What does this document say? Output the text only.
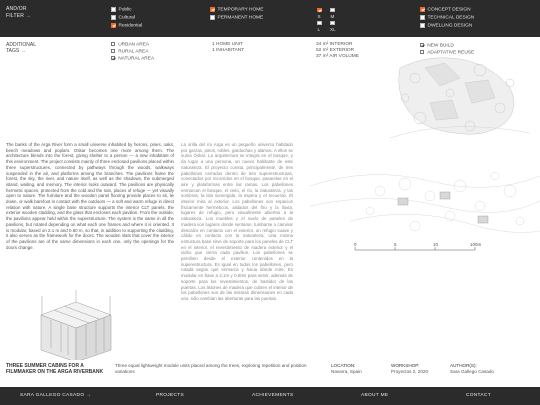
AND/OR
FILTER →
Public
Cultural
Residential
TEMPORARY HOME
PERMANENT HOME	S M
L XL
CONCEPT DESIGN
TECHNICAL DESIGN
DWELLING DESIGN
ADDITIONAL
TAGS →
URBAN AREA
RURAL AREA
NATURAL AREA
1 HOME UNIT
1 INHABITANT
34 m² INTERIOR
52 m² EXTERIOR
37 m³ AIR VOLUME
NEW BUILD
ADAPTATIVE REUSE
0	5	10	100m
The banks of the Arga River form a small universe inhabited by herons, pines, oaks, beech meadows and poplars. Oskar becomes one more among them. The architecture blends into the forest, giving shelter to a person — a new inhabitant of this environment. The project consists mainly of three enclosed pavilions placed within three superstructures, connected by pathways through the woods, walkways suspended in the air, and platforms among the branches. The pavilions frame the forest, the sky, the river, and nature itself, as well as the shadows, the submerged island, waiting, and memory. The interior looks outward. The pavilions are physically hermetic spaces, protected from the cold and the rain, places of refuge — yet visually open to nature. The furniture and the wooden panel flooring provide places to sit, lie down, or walk barefoot in contact with the outdoors — a soft and warm refuge in direct relation with nature. A single base structure supports the interior CLT panels, the exterior wooden cladding, and the glass that encloses each pavilion. From the outside, the pavilions appear held within the superstructure. The system is the same in all the pavilions, but rotated depending on what each one frames and where it is oriented. It is modular, based on 2.1 m and 0.60 m, so that, in addition to supporting the cladding, it also serves as the framework for the doors. The wooden slats that cover the interior of the pavilions are of the same dimensions in each one, only the openings for the doors change.
La orilla del río Arga es un pequeño universo habitado por garzas, pinos, robles, garduchas y alamos. A ellos se suma Óskar. La arquitectura se integra en el bosque, y da lugar a una persona, un nuevo habitante de este naturaleza. El proyecto consta, principalmente, de tres pabellones cerrados dentro de tres superestructuras, conectados por recorridos en el bosque, pasarelas en el aire y plataformas entre las ramas. Los pabellones enmarcan el bosque, el cielo, el río, la naturaleza, y las sombras, la isla sumergida, la espera y el recuerdo. El interior mira al exterior. Los pabellones son espacios físicamente herméticos, aislados del frío y la lluvia, lugares de refugio, pero visualmente abiertos a la naturaleza. Los muebles y el suelo de paneles de madera son lugares donde sentarse, tumbarse o caminar descalzo en contacto con el exterior, un refugio suave y cálido en contacto con la naturaleza. Una misma estructura base sirve de soporte para los paneles de CLT en el interior, el revestimiento de madera exterior y el vidrio que cierra cada pavilion. Los pabellones se perciben desde el exterior contenidos en la superestructura. Es igual en todos los pabellones, pero rotada según qué enmarca y hacia dónde mire. Es modular en base a 2,1m y 0,60m para servir, además de soporte para los revestimientos, de bastidor de las puertas. Los listones de madera que cubren el interior de los pabellones son de las mismas dimensiones en cada uno, sólo cambian las aberturas para las puertas.
THREE SUMMER CABINS FOR A FILMMAKER ON THE ARGA RIVERBANK
Three equal lightweight module units placed among the trees, exploring repetition and position variations
LOCATION:
Navarra, Spain
WORKSHOP:
Proyectos 2, 2020
AUTHOR(S):
Sara Gallego Casado
SARA GALLEGO CASADO →	PROJECTS	ACHIEVEMENTS	ABOUT ME	CONTACT
